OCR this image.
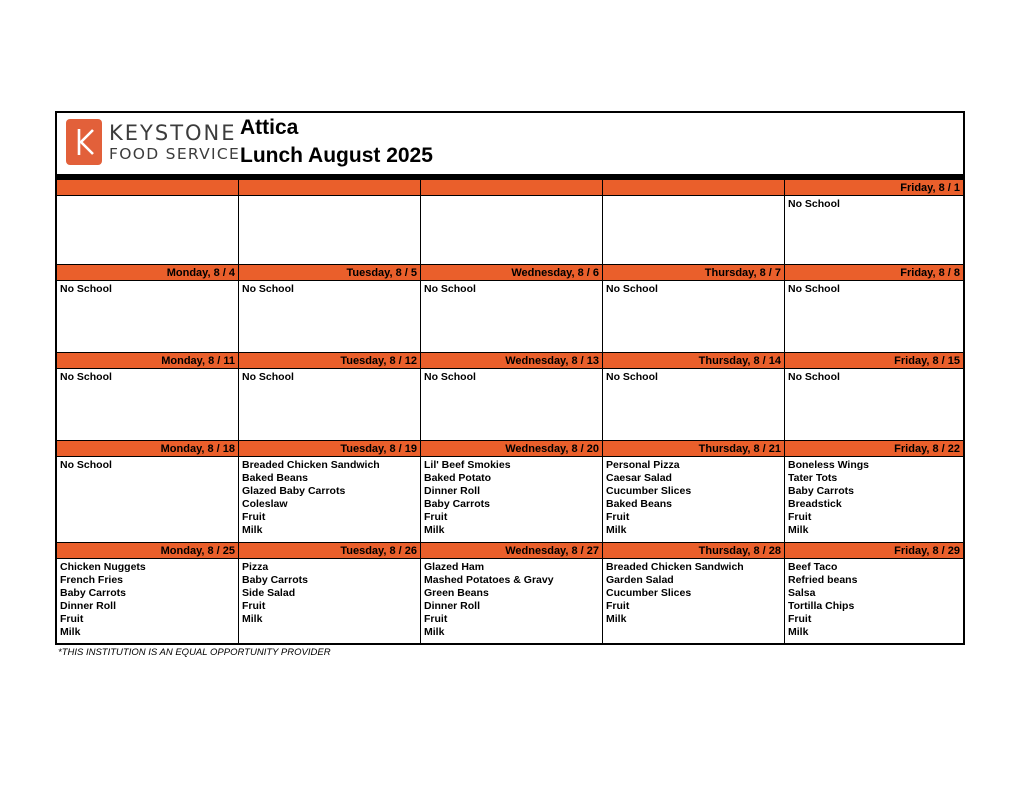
KEYSTONE
FOOD SERVICE
Attica
Lunch August 2025
Friday, 8 / 1
No School
Monday, 8 / 4
No School
Tuesday, 8 / 5
No School
Wednesday, 8 / 6
No School
Thursday, 8 / 7
No School
Friday, 8 / 8
No School
Monday, 8 / 11
No School
Tuesday, 8 / 12
No School
Wednesday, 8 / 13
No School
Thursday, 8 / 14
No School
Friday, 8 / 15
No School
Monday, 8 / 18
No School
Tuesday, 8 / 19
Breaded Chicken Sandwich
Baked Beans
Glazed Baby Carrots
Coleslaw
Fruit
Milk
Wednesday, 8 / 20
Lil' Beef Smokies
Baked Potato
Dinner Roll
Baby Carrots
Fruit
Milk
Thursday, 8 / 21
Personal Pizza
Caesar Salad
Cucumber Slices
Baked Beans
Fruit
Milk
Friday, 8 / 22
Boneless Wings
Tater Tots
Baby Carrots
Breadstick
Fruit
Milk
Monday, 8 / 25
Chicken Nuggets
French Fries
Baby Carrots
Dinner Roll
Fruit
Milk
Tuesday, 8 / 26
Pizza
Baby Carrots
Side Salad
Fruit
Milk
Wednesday, 8 / 27
Glazed Ham
Mashed Potatoes & Gravy
Green Beans
Dinner Roll
Fruit
Milk
Thursday, 8 / 28
Breaded Chicken Sandwich
Garden Salad
Cucumber Slices
Fruit
Milk
Friday, 8 / 29
Beef Taco
Refried beans
Salsa
Tortilla Chips
Fruit
Milk
*THIS INSTITUTION IS AN EQUAL OPPORTUNITY PROVIDER
